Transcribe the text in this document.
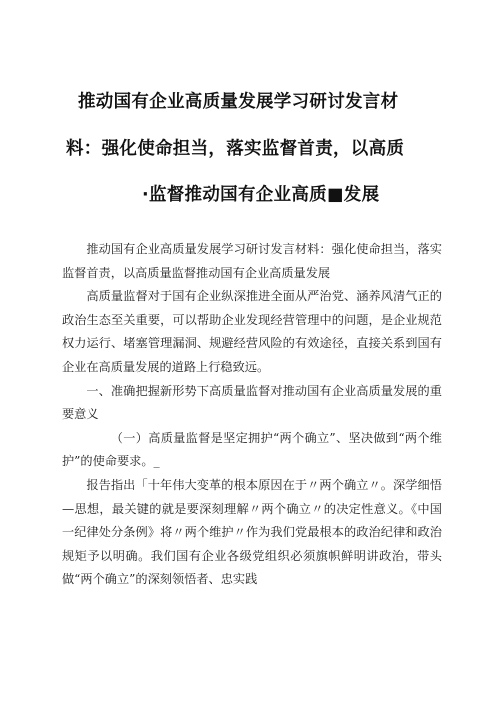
推动国有企业高质量发展学习研讨发言材
料：强化使命担当，落实监督首责，以高质
·监督推动国有企业高质■发展

推动国有企业高质量发展学习研讨发言材料：强化使命担当，落实监督首责，以高质量监督推动国有企业高质量发展

高质量监督对于国有企业纵深推进全面从严治党、涵养风清气正的政治生态至关重要，可以帮助企业发现经营管理中的问题，是企业规范权力运行、堵塞管理漏洞、规避经营风险的有效途径，直接关系到国有企业在高质量发展的道路上行稳致远。

一、准确把握新形势下高质量监督对推动国有企业高质量发展的重要意义

（一）高质量监督是坚定拥护“两个确立”、坚决做到“两个维护”的使命要求。_

报告指出「十年伟大变革的根本原因在于〃两个确立〃。深学细悟—思想，最关键的就是要深刻理解〃两个确立〃的决定性意义。《中国一纪律处分条例》将〃两个维护〃作为我们党最根本的政治纪律和政治规矩予以明确。我们国有企业各级党组织必须旗帜鲜明讲政治，带头做“两个确立”的深刻领悟者、忠实践
